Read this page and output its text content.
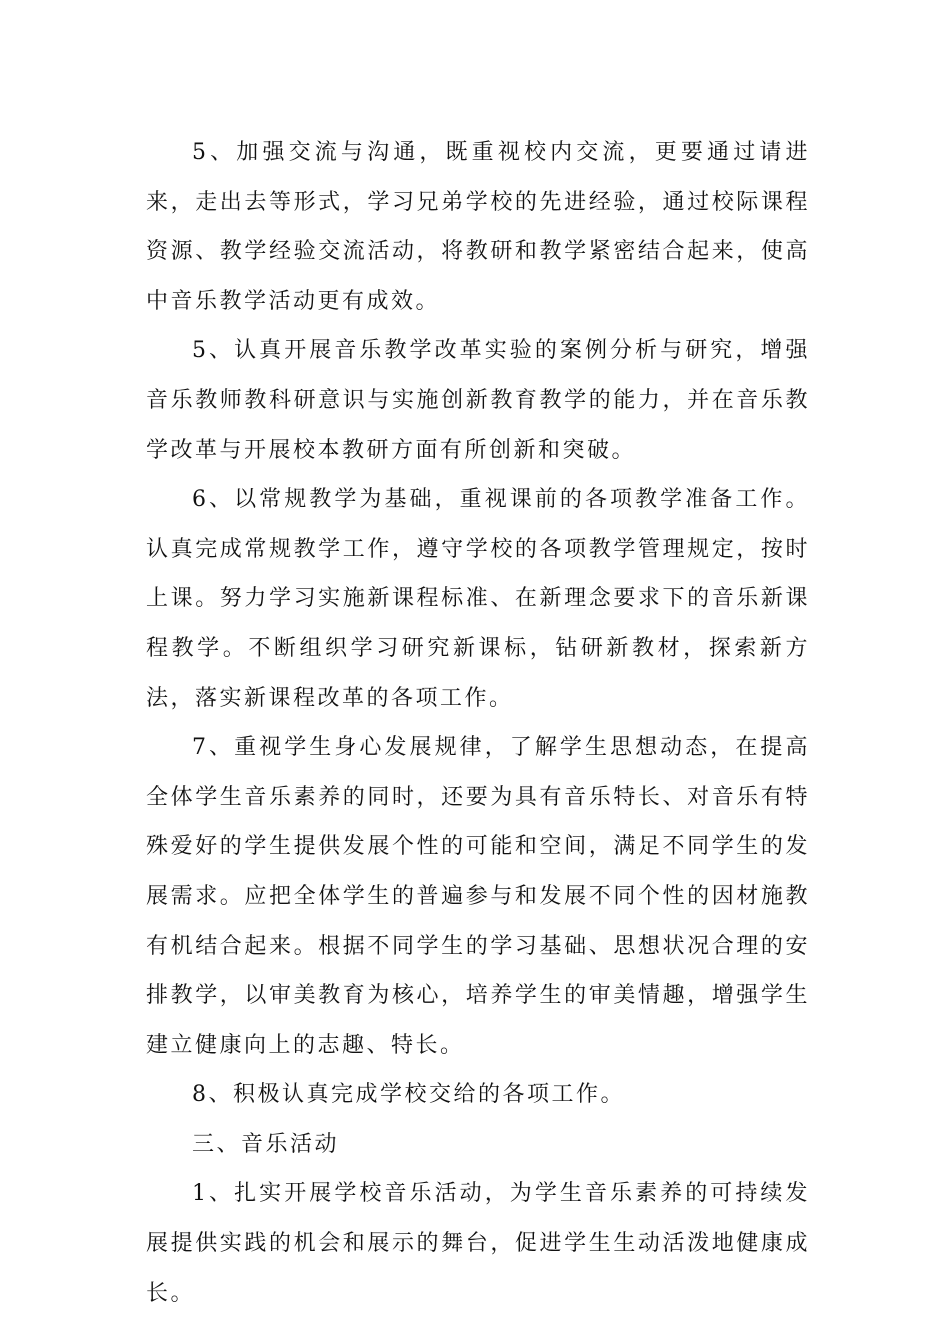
5、加强交流与沟通，既重视校内交流，更要通过请进来，走出去等形式，学习兄弟学校的先进经验，通过校际课程资源、教学经验交流活动，将教研和教学紧密结合起来，使高中音乐教学活动更有成效。

5、认真开展音乐教学改革实验的案例分析与研究，增强音乐教师教科研意识与实施创新教育教学的能力，并在音乐教学改革与开展校本教研方面有所创新和突破。

6、以常规教学为基础，重视课前的各项教学准备工作。认真完成常规教学工作，遵守学校的各项教学管理规定，按时上课。努力学习实施新课程标准、在新理念要求下的音乐新课程教学。不断组织学习研究新课标，钻研新教材，探索新方法，落实新课程改革的各项工作。

7、重视学生身心发展规律，了解学生思想动态，在提高全体学生音乐素养的同时，还要为具有音乐特长、对音乐有特殊爱好的学生提供发展个性的可能和空间，满足不同学生的发展需求。应把全体学生的普遍参与和发展不同个性的因材施教有机结合起来。根据不同学生的学习基础、思想状况合理的安排教学，以审美教育为核心，培养学生的审美情趣，增强学生建立健康向上的志趣、特长。

8、积极认真完成学校交给的各项工作。

三、音乐活动

1、扎实开展学校音乐活动，为学生音乐素养的可持续发展提供实践的机会和展示的舞台，促进学生生动活泼地健康成长。
